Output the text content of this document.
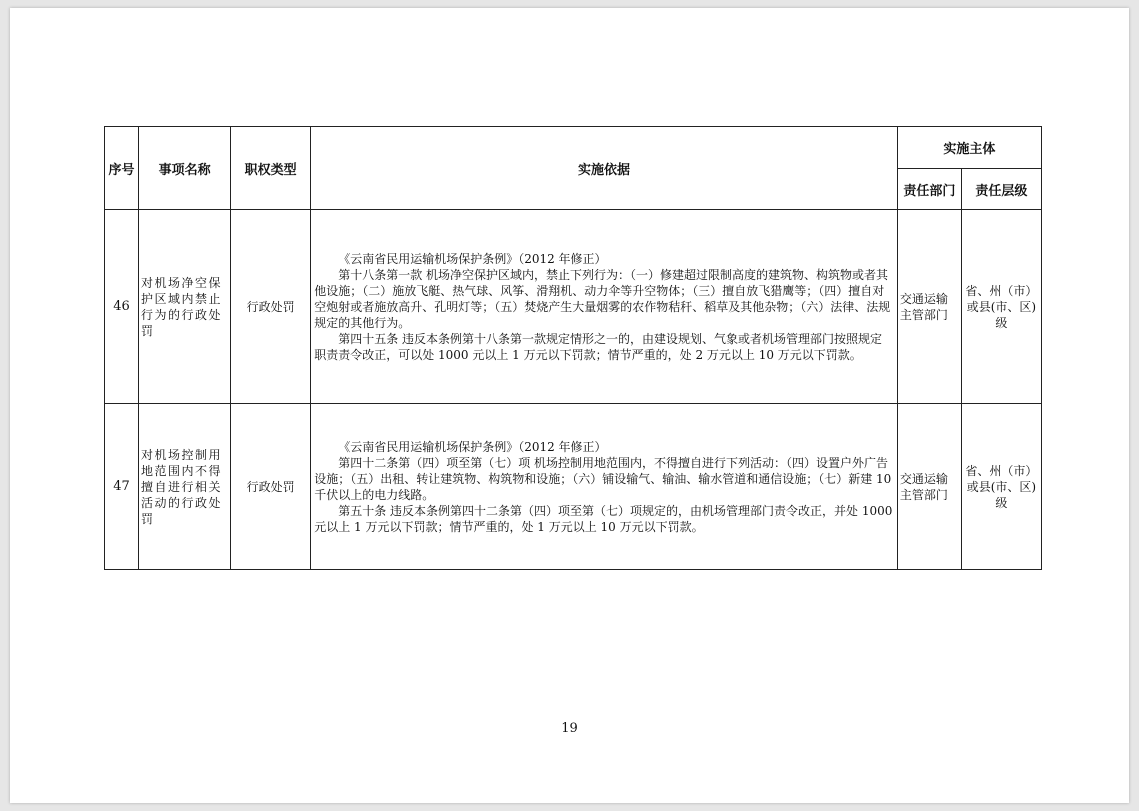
序号	事项名称	职权类型	实施依据	实施主体	
				责任部门	责任层级
46	对机场净空保护区域内禁止行为的行政处罚	行政处罚	《云南省民用运输机场保护条例》（2012 年修正）

第十八条第一款 机场净空保护区域内，禁止下列行为：（一）修建超过限制高度的建筑物、构筑物或者其他设施；（二）施放飞艇、热气球、风筝、滑翔机、动力伞等升空物体；（三）擅自放飞猎鹰等；（四）擅自对空炮射或者施放高升、孔明灯等；（五）焚烧产生大量烟雾的农作物秸秆、稻草及其他杂物；（六）法律、法规规定的其他行为。

第四十五条 违反本条例第十八条第一款规定情形之一的，由建设规划、气象或者机场管理部门按照规定职责责令改正，可以处 1000 元以上 1 万元以下罚款；情节严重的，处 2 万元以上 10 万元以下罚款。	交通运输主管部门	省、州（市）或县(市、区)级
47	对机场控制用地范围内不得擅自进行相关活动的行政处罚	行政处罚	《云南省民用运输机场保护条例》（2012 年修正）

第四十二条第（四）项至第（七）项 机场控制用地范围内，不得擅自进行下列活动：（四）设置户外广告设施；（五）出租、转让建筑物、构筑物和设施；（六）铺设输气、输油、输水管道和通信设施；（七）新建 10 千伏以上的电力线路。

第五十条 违反本条例第四十二条第（四）项至第（七）项规定的，由机场管理部门责令改正，并处 1000 元以上 1 万元以下罚款；情节严重的，处 1 万元以上 10 万元以下罚款。	交通运输主管部门	省、州（市）或县(市、区)级
19
